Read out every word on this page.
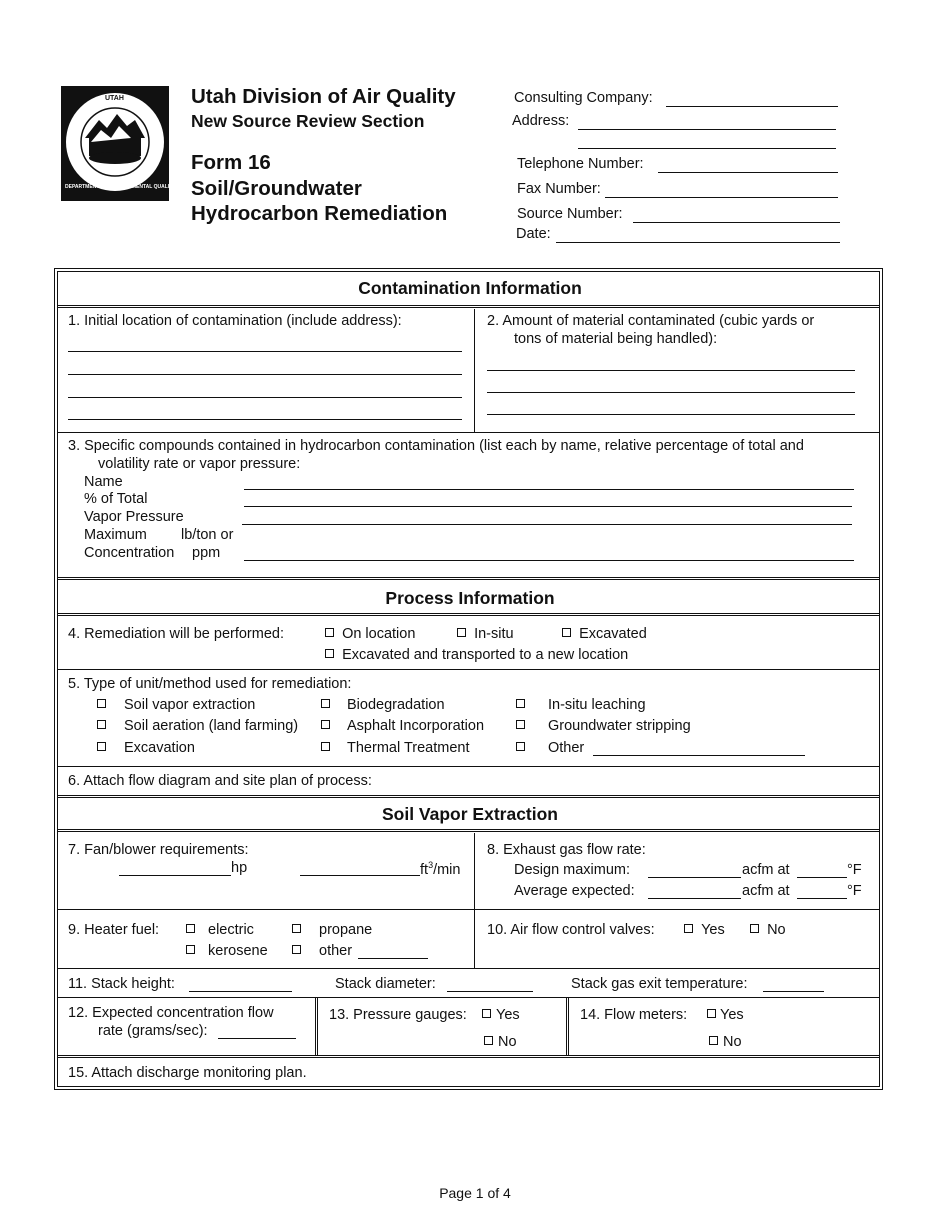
UTAH
DEPARTMENT OF ENVIRONMENTAL QUALITY
Utah Division of Air Quality
New Source Review Section
Form 16
Soil/Groundwater
Hydrocarbon Remediation
Consulting Company:
Address:
Telephone Number:
Fax Number:
Source Number:
Date:
Contamination Information
1. Initial location of contamination (include address):	2. Amount of material contaminated (cubic yards or
tons of material being handled):
3. Specific compounds contained in hydrocarbon contamination (list each by name, relative percentage of total and
volatility rate or vapor pressure:
Name
% of Total
Vapor Pressure
Maximum lb/ton or
Concentration ppm
Process Information
4. Remediation will be performed:	On location	In-situ	Excavated
Excavated and transported to a new location
5. Type of unit/method used for remediation:
Soil vapor extraction	Biodegradation	In-situ leaching
Soil aeration (land farming)	Asphalt Incorporation	Groundwater stripping
Excavation	Thermal Treatment	Other
6. Attach flow diagram and site plan of process:
Soil Vapor Extraction
7. Fan/blower requirements:
hp	$ft^3/\min$
8. Exhaust gas flow rate:
Design maximum:	acfm at	°F
Average expected:	acfm at	°F
9. Heater fuel:	electric	propane
kerosene	other
10. Air flow control valves:	Yes	No
11. Stack height:	Stack diameter:	Stack gas exit temperature:
12. Expected concentration flow
rate (grams/sec):
13. Pressure gauges: Yes
No
14. Flow meters: Yes
No
15. Attach discharge monitoring plan.
Page 1 of 4
